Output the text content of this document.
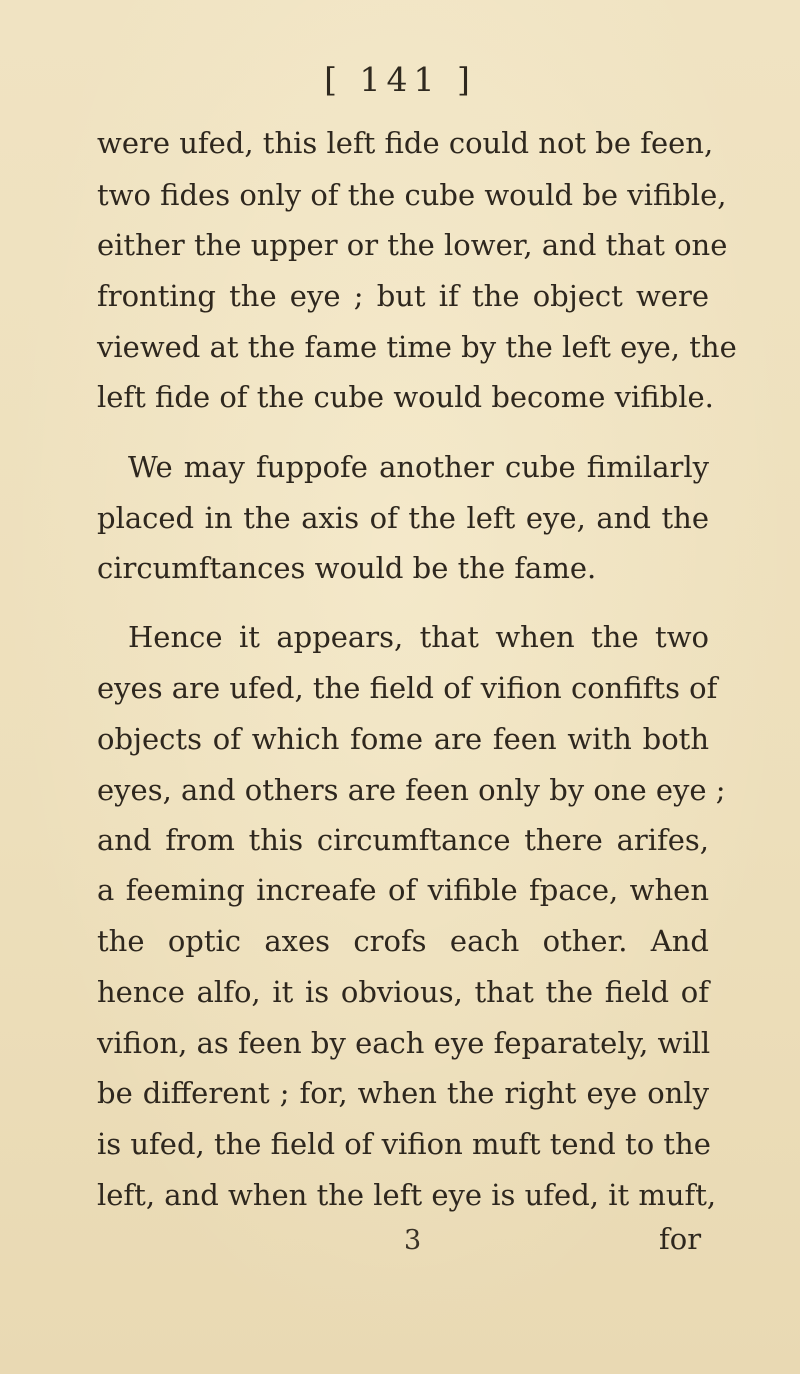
[ 141 ]
were ufed, this left fide could not be feen,
two fides only of the cube would be vifible,
either the upper or the lower, and that one
fronting the eye ; but if the object were
viewed at the fame time by the left eye, the
left fide of the cube would become vifible.
We may fuppofe another cube fimilarly
placed in the axis of the left eye, and the
circumftances would be the fame.
Hence it appears, that when the two
eyes are ufed, the field of vifion confifts of
objects of which fome are feen with both
eyes, and others are feen only by one eye ;
and from this circumftance there arifes,
a feeming increafe of vifible fpace, when
the optic axes crofs each other. And
hence alfo, it is obvious, that the field of
vifion, as feen by each eye feparately, will
be different ; for, when the right eye only
is ufed, the field of vifion muft tend to the
left, and when the left eye is ufed, it muft,
3	for
